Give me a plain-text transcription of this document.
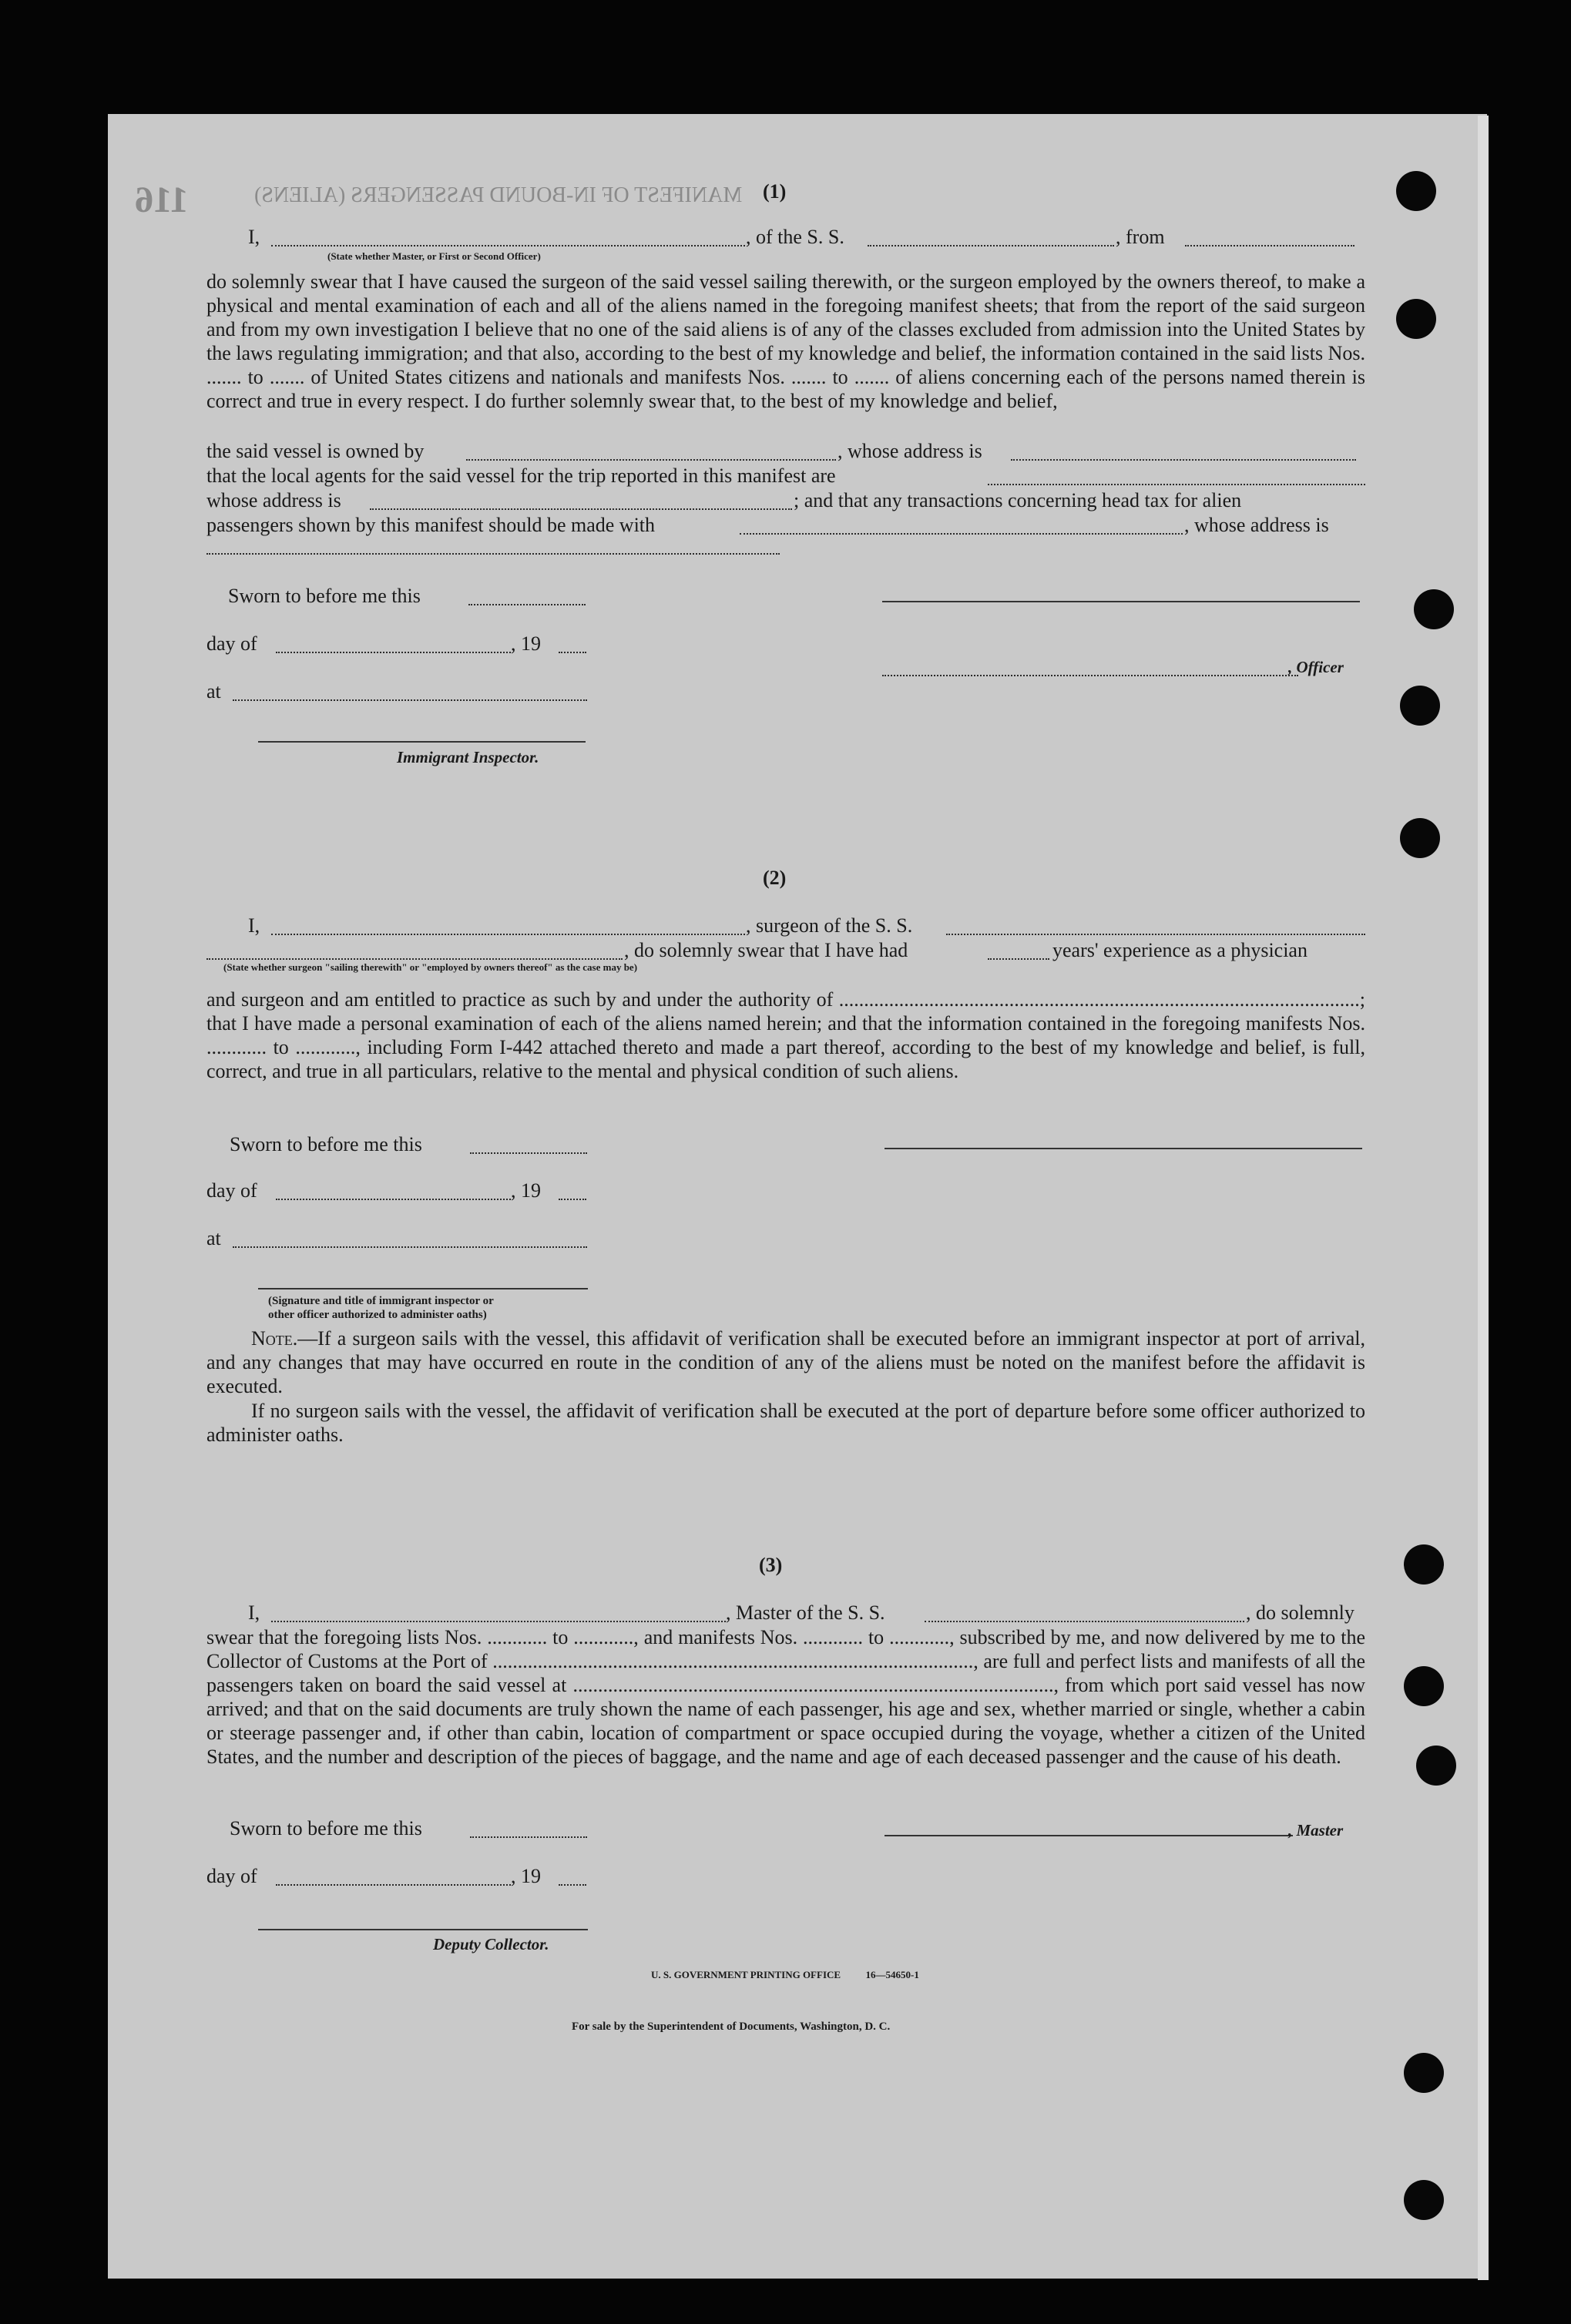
MANIFEST OF IN-BOUND PASSENGERS (ALIENS)
116	(1)
I,
(State whether Master, or First or Second Officer)
, of the S. S.	, from
do solemnly swear that I have caused the surgeon of the said vessel sailing therewith, or the surgeon employed by the owners thereof, to make a physical and mental examination of each and all of the aliens named in the foregoing manifest sheets; that from the report of the said surgeon and from my own investigation I believe that no one of the said aliens is of any of the classes excluded from admission into the United States by the laws regulating immigration; and that also, according to the best of my knowledge and belief, the information contained in the said lists Nos. ....... to ....... of United States citizens and nationals and manifests Nos. ....... to ....... of aliens concerning each of the persons named therein is correct and true in every respect. I do further solemnly swear that, to the best of my knowledge and belief,
the said vessel is owned by	, whose address is
that the local agents for the said vessel for the trip reported in this manifest are
whose address is	; and that any transactions concerning head tax for alien
passengers shown by this manifest should be made with	, whose address is
Sworn to before me this
day of	, 19
, Officer
at
Immigrant Inspector.
(2)
I,	, surgeon of the S. S.
, do solemnly swear that I have had	years' experience as a physician
(State whether surgeon "sailing therewith" or "employed by owners thereof" as the case may be)
and surgeon and am entitled to practice as such by and under the authority of ........................................................................................................; that I have made a personal examination of each of the aliens named herein; and that the information contained in the foregoing manifests Nos. ............ to ............, including Form I-442 attached thereto and made a part thereof, according to the best of my knowledge and belief, is full, correct, and true in all particulars, relative to the mental and physical condition of such aliens.
Sworn to before me this
day of	, 19
at
(Signature and title of immigrant inspector or
other officer authorized to administer oaths)
Note.—If a surgeon sails with the vessel, this affidavit of verification shall be executed before an immigrant inspector at port of arrival, and any changes that may have occurred en route in the condition of any of the aliens must be noted on the manifest before the affidavit is executed.
If no surgeon sails with the vessel, the affidavit of verification shall be executed at the port of departure before some officer authorized to administer oaths.
(3)
I,	, Master of the S. S.	, do solemnly
swear that the foregoing lists Nos. ............ to ............, and manifests Nos. ............ to ............, subscribed by me, and now delivered by me to the Collector of Customs at the Port of ................................................................................................, are full and perfect lists and manifests of all the passengers taken on board the said vessel at ................................................................................................, from which port said vessel has now arrived; and that on the said documents are truly shown the name of each passenger, his age and sex, whether married or single, whether a cabin or steerage passenger and, if other than cabin, location of compartment or space occupied during the voyage, whether a citizen of the United States, and the number and description of the pieces of baggage, and the name and age of each deceased passenger and the cause of his death.
Sworn to before me this	, Master
day of	, 19
Deputy Collector.
U. S. GOVERNMENT PRINTING OFFICE          16—54650-1
For sale by the Superintendent of Documents, Washington, D. C.
